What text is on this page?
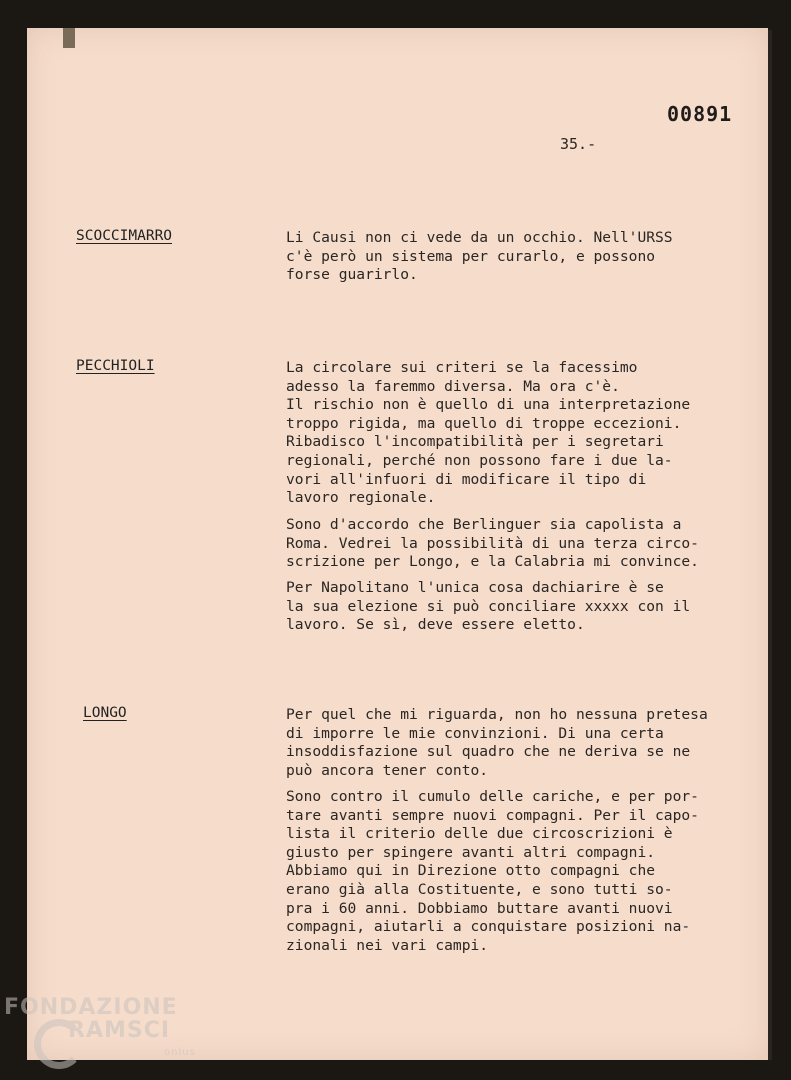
00891
35.-
SCOCCIMARRO	Li Causi non ci vede da un occhio. Nell'URSS
c'è però un sistema per curarlo, e possono
forse guarirlo.

PECCHIOLI	La circolare sui criteri se la facessimo
adesso la faremmo diversa. Ma ora c'è.
Il rischio non è quello di una interpretazione
troppo rigida, ma quello di troppe eccezioni.
Ribadisco l'incompatibilità per i segretari
regionali, perché non possono fare i due la-
vori all'infuori di modificare il tipo di
lavoro regionale.

Sono d'accordo che Berlinguer sia capolista a
Roma. Vedrei la possibilità di una terza circo-
scrizione per Longo, e la Calabria mi convince.

Per Napolitano l'unica cosa dachiarire è se
la sua elezione si può conciliare xxxxx con il
lavoro. Se sì, deve essere eletto.

LONGO	Per quel che mi riguarda, non ho nessuna pretesa
di imporre le mie convinzioni. Di una certa
insoddisfazione sul quadro che ne deriva se ne
può ancora tener conto.

Sono contro il cumulo delle cariche, e per por-
tare avanti sempre nuovi compagni. Per il capo-
lista il criterio delle due circoscrizioni è
giusto per spingere avanti altri compagni.
Abbiamo qui in Direzione otto compagni che
erano già alla Costituente, e sono tutti so-
pra i 60 anni. Dobbiamo buttare avanti nuovi
compagni, aiutarli a conquistare posizioni na-
zionali nei vari campi.

FONDAZIONE
RAMSCI
onlus
